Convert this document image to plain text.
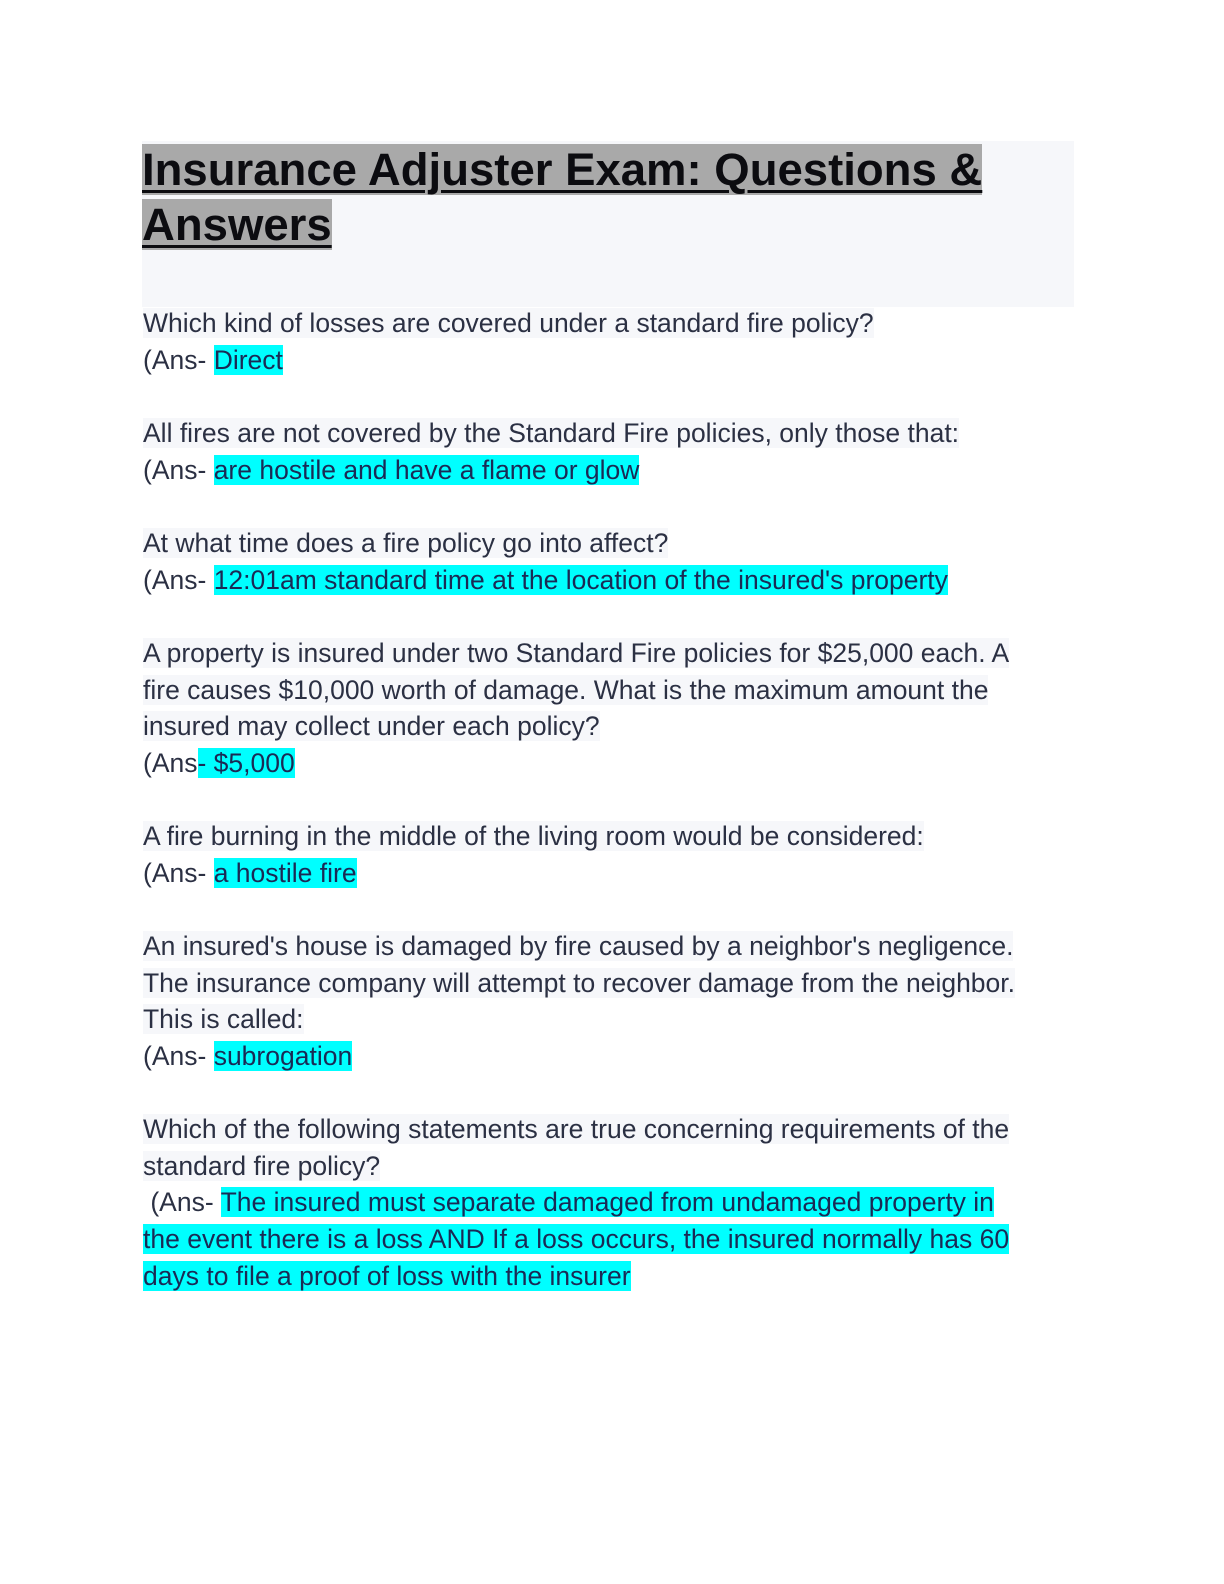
Insurance Adjuster Exam: Questions &
Answers
Which kind of losses are covered under a standard fire policy?
(Ans- Direct
All fires are not covered by the Standard Fire policies, only those that:
(Ans- are hostile and have a flame or glow
At what time does a fire policy go into affect?
(Ans- 12:01am standard time at the location of the insured's property
A property is insured under two Standard Fire policies for $25,000 each. A
fire causes $10,000 worth of damage. What is the maximum amount the
insured may collect under each policy?
(Ans- $5,000
A fire burning in the middle of the living room would be considered:
(Ans- a hostile fire
An insured's house is damaged by fire caused by a neighbor's negligence.
The insurance company will attempt to recover damage from the neighbor.
This is called:
(Ans- subrogation
Which of the following statements are true concerning requirements of the
standard fire policy?
(Ans- The insured must separate damaged from undamaged property in
the event there is a loss AND If a loss occurs, the insured normally has 60
days to file a proof of loss with the insurer
